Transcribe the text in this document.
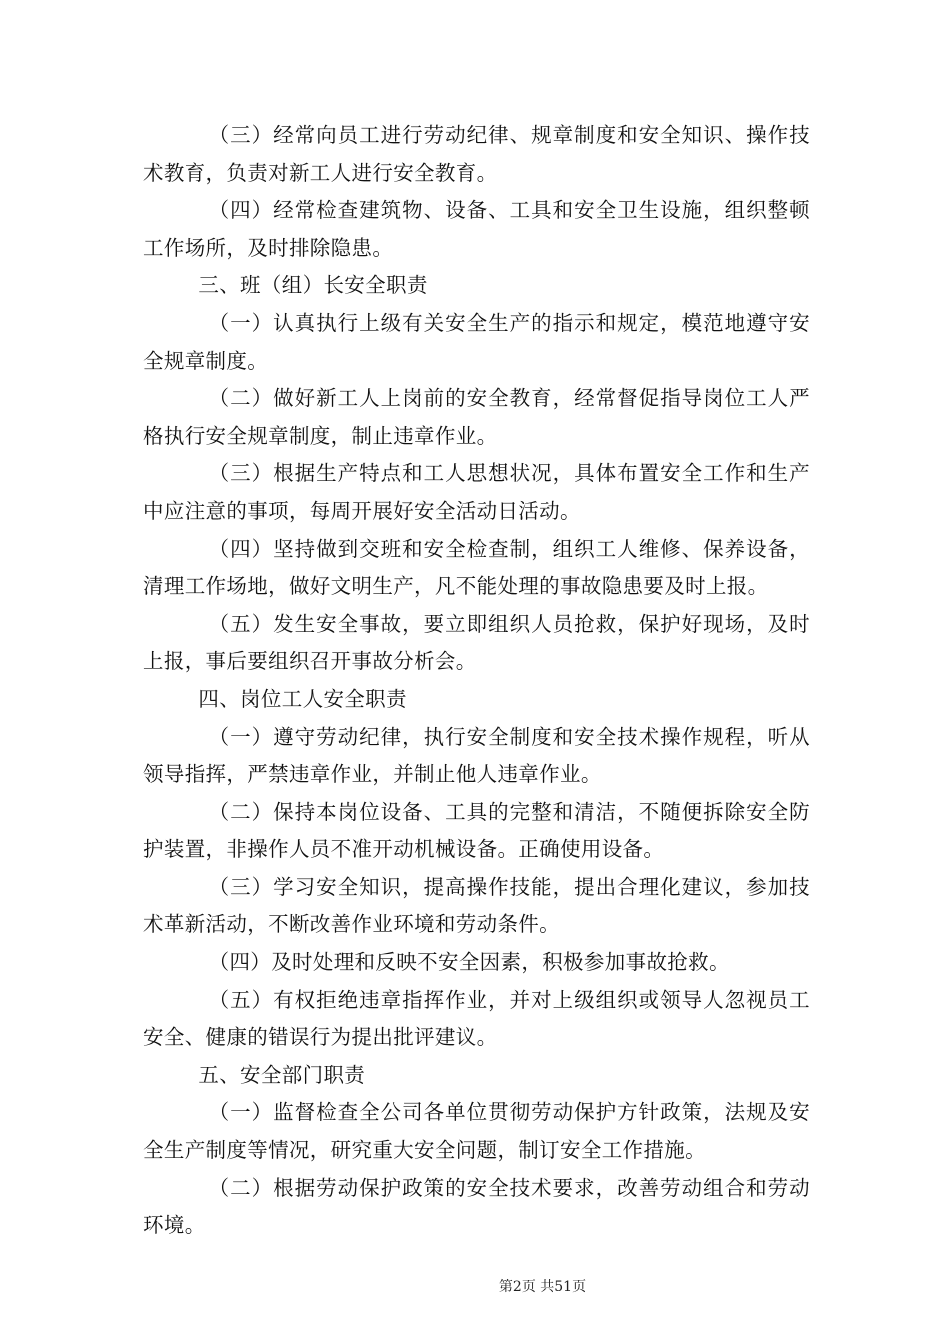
（三）经常向员工进行劳动纪律、规章制度和安全知识、操作技术教育，负责对新工人进行安全教育。

（四）经常检查建筑物、设备、工具和安全卫生设施，组织整顿工作场所，及时排除隐患。

三、班（组）长安全职责

（一）认真执行上级有关安全生产的指示和规定，模范地遵守安全规章制度。

（二）做好新工人上岗前的安全教育，经常督促指导岗位工人严格执行安全规章制度，制止违章作业。

（三）根据生产特点和工人思想状况，具体布置安全工作和生产中应注意的事项，每周开展好安全活动日活动。

（四）坚持做到交班和安全检查制，组织工人维修、保养设备，清理工作场地，做好文明生产，凡不能处理的事故隐患要及时上报。

（五）发生安全事故，要立即组织人员抢救，保护好现场，及时上报，事后要组织召开事故分析会。

四、岗位工人安全职责

（一）遵守劳动纪律，执行安全制度和安全技术操作规程，听从领导指挥，严禁违章作业，并制止他人违章作业。

（二）保持本岗位设备、工具的完整和清洁，不随便拆除安全防护装置，非操作人员不准开动机械设备。正确使用设备。

（三）学习安全知识，提高操作技能，提出合理化建议，参加技术革新活动，不断改善作业环境和劳动条件。

（四）及时处理和反映不安全因素，积极参加事故抢救。

（五）有权拒绝违章指挥作业，并对上级组织或领导人忽视员工安全、健康的错误行为提出批评建议。

五、安全部门职责

（一）监督检查全公司各单位贯彻劳动保护方针政策，法规及安全生产制度等情况，研究重大安全问题，制订安全工作措施。

（二）根据劳动保护政策的安全技术要求，改善劳动组合和劳动环境。

第2页 共51页
